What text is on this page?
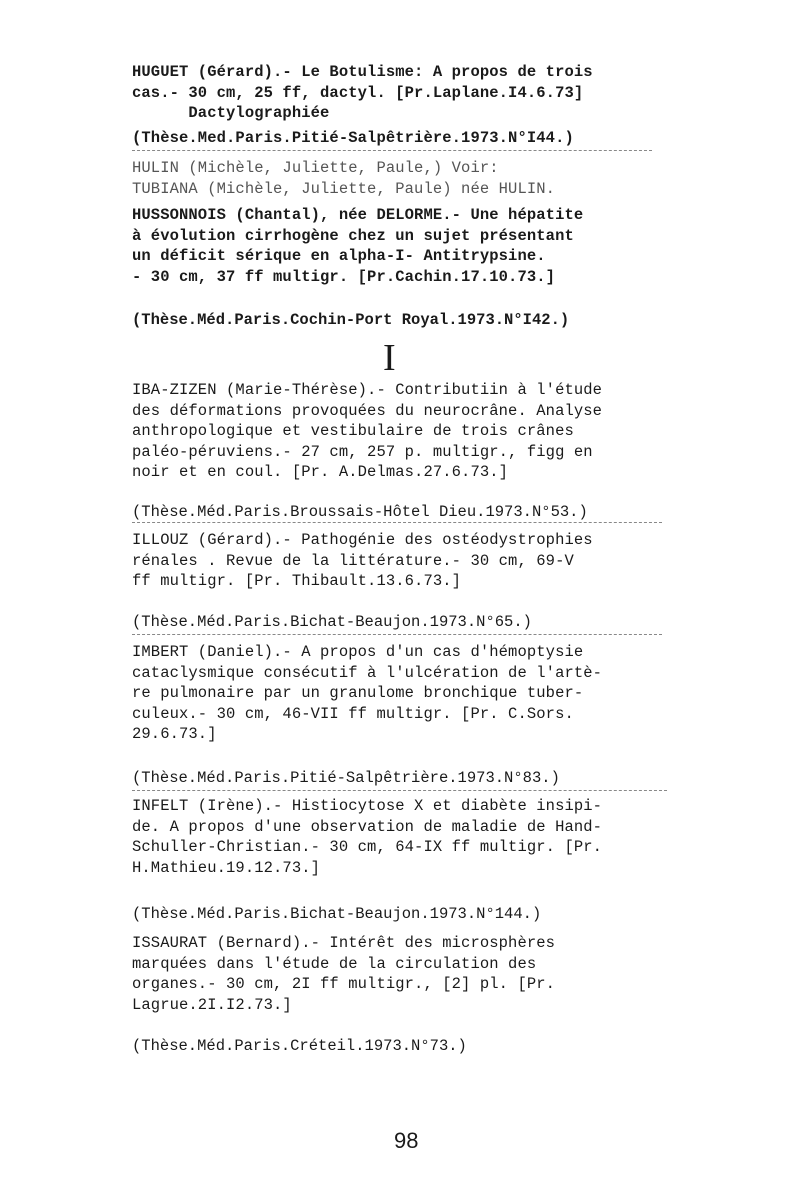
HUGUET (Gérard).- Le Botulisme: A propos de trois
cas.- 30 cm, 25 ff, dactyl. [Pr.Laplane.I4.6.73]
Dactylographiée
(Thèse.Med.Paris.Pitié-Salpêtrière.1973.N°I44.)
HULIN (Michèle, Juliette, Paule,) Voir:
TUBIANA (Michèle, Juliette, Paule) née HULIN.
HUSSONNOIS (Chantal), née DELORME.- Une hépatite
à évolution cirrhogène chez un sujet présentant
un déficit sérique en alpha-I- Antitrypsine.
- 30 cm, 37 ff multigr. [Pr.Cachin.17.10.73.]
(Thèse.Méd.Paris.Cochin-Port Royal.1973.N°I42.)
I
IBA-ZIZEN (Marie-Thérèse).- Contributiin à l'étude
des déformations provoquées du neurocrâne. Analyse
anthropologique et vestibulaire de trois crânes
paléo-péruviens.- 27 cm, 257 p. multigr., figg en
noir et en coul. [Pr. A.Delmas.27.6.73.]
(Thèse.Méd.Paris.Broussais-Hôtel Dieu.1973.N°53.)
ILLOUZ (Gérard).- Pathogénie des ostéodystrophies
rénales . Revue de la littérature.- 30 cm, 69-V
ff multigr. [Pr. Thibault.13.6.73.]
(Thèse.Méd.Paris.Bichat-Beaujon.1973.N°65.)
IMBERT (Daniel).- A propos d'un cas d'hémoptysie
cataclysmique consécutif à l'ulcération de l'artè-
re pulmonaire par un granulome bronchique tuber-
culeux.- 30 cm, 46-VII ff multigr. [Pr. C.Sors.
29.6.73.]
(Thèse.Méd.Paris.Pitié-Salpêtrière.1973.N°83.)
INFELT (Irène).- Histiocytose X et diabète insipi-
de. A propos d'une observation de maladie de Hand-
Schuller-Christian.- 30 cm, 64-IX ff multigr. [Pr.
H.Mathieu.19.12.73.]
(Thèse.Méd.Paris.Bichat-Beaujon.1973.N°144.)
ISSAURAT (Bernard).- Intérêt des microsphères
marquées dans l'étude de la circulation des
organes.- 30 cm, 2I ff multigr., [2] pl. [Pr.
Lagrue.2I.I2.73.]
(Thèse.Méd.Paris.Créteil.1973.N°73.)
98
